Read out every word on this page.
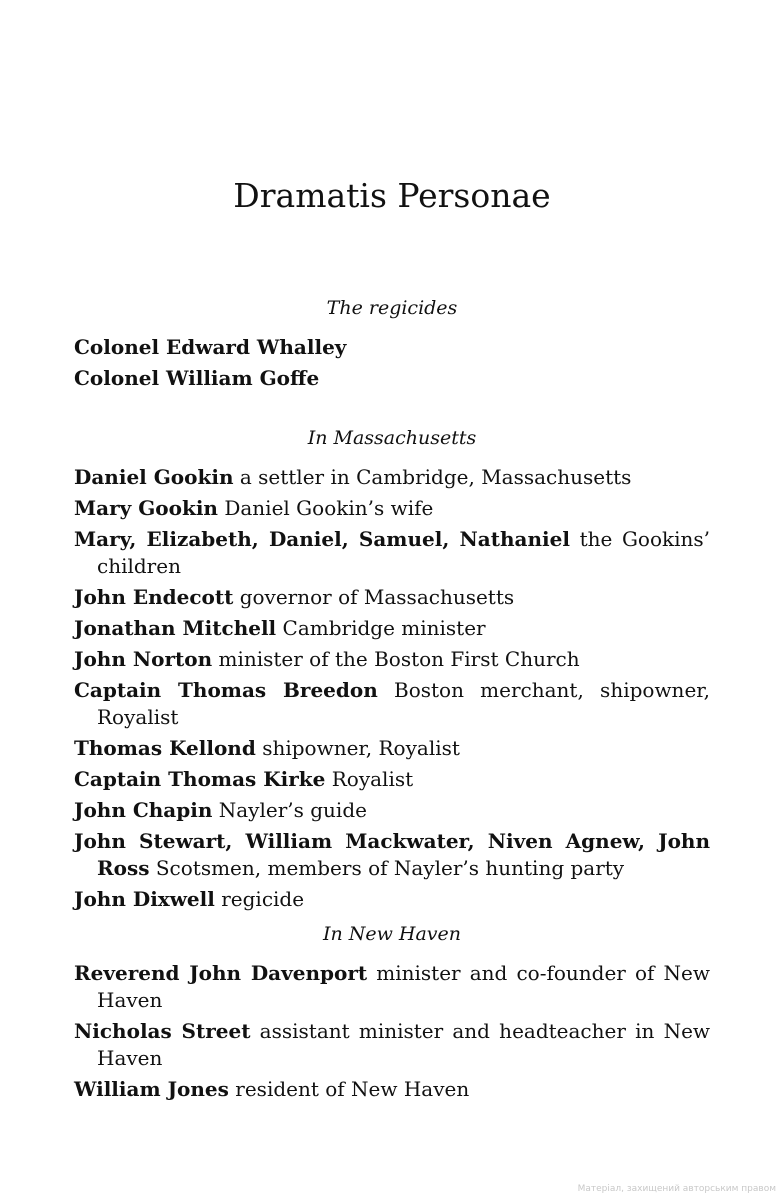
Dramatis Personae
The regicides
Colonel Edward Whalley
Colonel William Goffe
In Massachusetts
Daniel Gookin a settler in Cambridge, Massachusetts
Mary Gookin Daniel Gookin’s wife
Mary, Elizabeth, Daniel, Samuel, Nathaniel the Gookins’ children
John Endecott governor of Massachusetts
Jonathan Mitchell Cambridge minister
John Norton minister of the Boston First Church
Captain Thomas Breedon Boston merchant, shipowner, Royalist
Thomas Kellond shipowner, Royalist
Captain Thomas Kirke Royalist
John Chapin Nayler’s guide
John Stewart, William Mackwater, Niven Agnew, John Ross Scotsmen, members of Nayler’s hunting party
John Dixwell regicide
In New Haven
Reverend John Davenport minister and co-founder of New Haven
Nicholas Street assistant minister and headteacher in New Haven
William Jones resident of New Haven
Матеріал, захищений авторським правом
